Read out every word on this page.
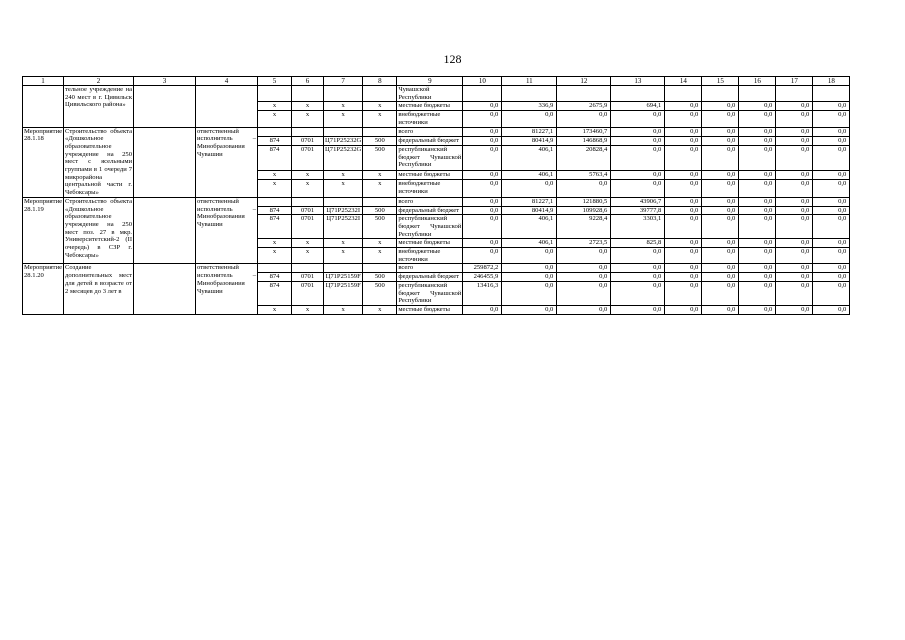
128
1	2	3	4	5	6	7	8	9	10	11	12	13	14	15	16	17	18
	тельное учреждение на 240 мест в г. Цивильск Цивильского района»							Чувашской Республики									
				x	x	x	x	местные бюджеты	0,0	336,9	2675,9	694,1	0,0	0,0	0,0	0,0	0,0
				x	x	x	x	внебюджетные источники	0,0	0,0	0,0	0,0	0,0	0,0	0,0	0,0	0,0
Мероприятие 28.1.18	Строительство объекта «Дошкольное образовательное учреждение на 250 мест с ясельными группами в 1 очереди 7 микрорайона центральной части г. Чебоксары»		ответственный исполнитель – Минобразования Чувашии					всего	0,0	81227,1	173460,7	0,0	0,0	0,0	0,0	0,0	0,0
				874	0701	Ц71P25232G	500	федеральный бюджет	0,0	80414,9	146868,9	0,0	0,0	0,0	0,0	0,0	0,0
				874	0701	Ц71P25232G	500	республиканский бюджет Чувашской Республики	0,0	406,1	20828,4	0,0	0,0	0,0	0,0	0,0	0,0
				x	x	x	x	местные бюджеты	0,0	406,1	5763,4	0,0	0,0	0,0	0,0	0,0	0,0
				x	x	x	x	внебюджетные источники	0,0	0,0	0,0	0,0	0,0	0,0	0,0	0,0	0,0
Мероприятие 28.1.19	Строительство объекта «Дошкольное образовательное учреждение на 250 мест поз. 27 в мкр. Университетский-2 (II очередь) в СЗР г. Чебоксары»		ответственный исполнитель – Минобразования Чувашии					всего	0,0	81227,1	121880,5	43906,7	0,0	0,0	0,0	0,0	0,0
				874	0701	Ц71P25232I	500	федеральный бюджет	0,0	80414,9	109928,6	39777,8	0,0	0,0	0,0	0,0	0,0
				874	0701	Ц71P25232I	500	республиканский бюджет Чувашской Республики	0,0	406,1	9228,4	3303,1	0,0	0,0	0,0	0,0	0,0
				x	x	x	x	местные бюджеты	0,0	406,1	2723,5	825,8	0,0	0,0	0,0	0,0	0,0
				x	x	x	x	внебюджетные источники	0,0	0,0	0,0	0,0	0,0	0,0	0,0	0,0	0,0
Мероприятие 28.1.20	Создание дополнительных мест для детей в возрасте от 2 месяцев до 3 лет в		ответственный исполнитель – Минобразования Чувашии					всего	259872,2	0,0	0,0	0,0	0,0	0,0	0,0	0,0	0,0
				874	0701	Ц71P25159F	500	федеральный бюджет	246455,9	0,0	0,0	0,0	0,0	0,0	0,0	0,0	0,0
				874	0701	Ц71P25159F	500	республиканский бюджет Чувашской Республики	13416,3	0,0	0,0	0,0	0,0	0,0	0,0	0,0	0,0
				x	x	x	x	местные бюджеты	0,0	0,0	0,0	0,0	0,0	0,0	0,0	0,0	0,0
